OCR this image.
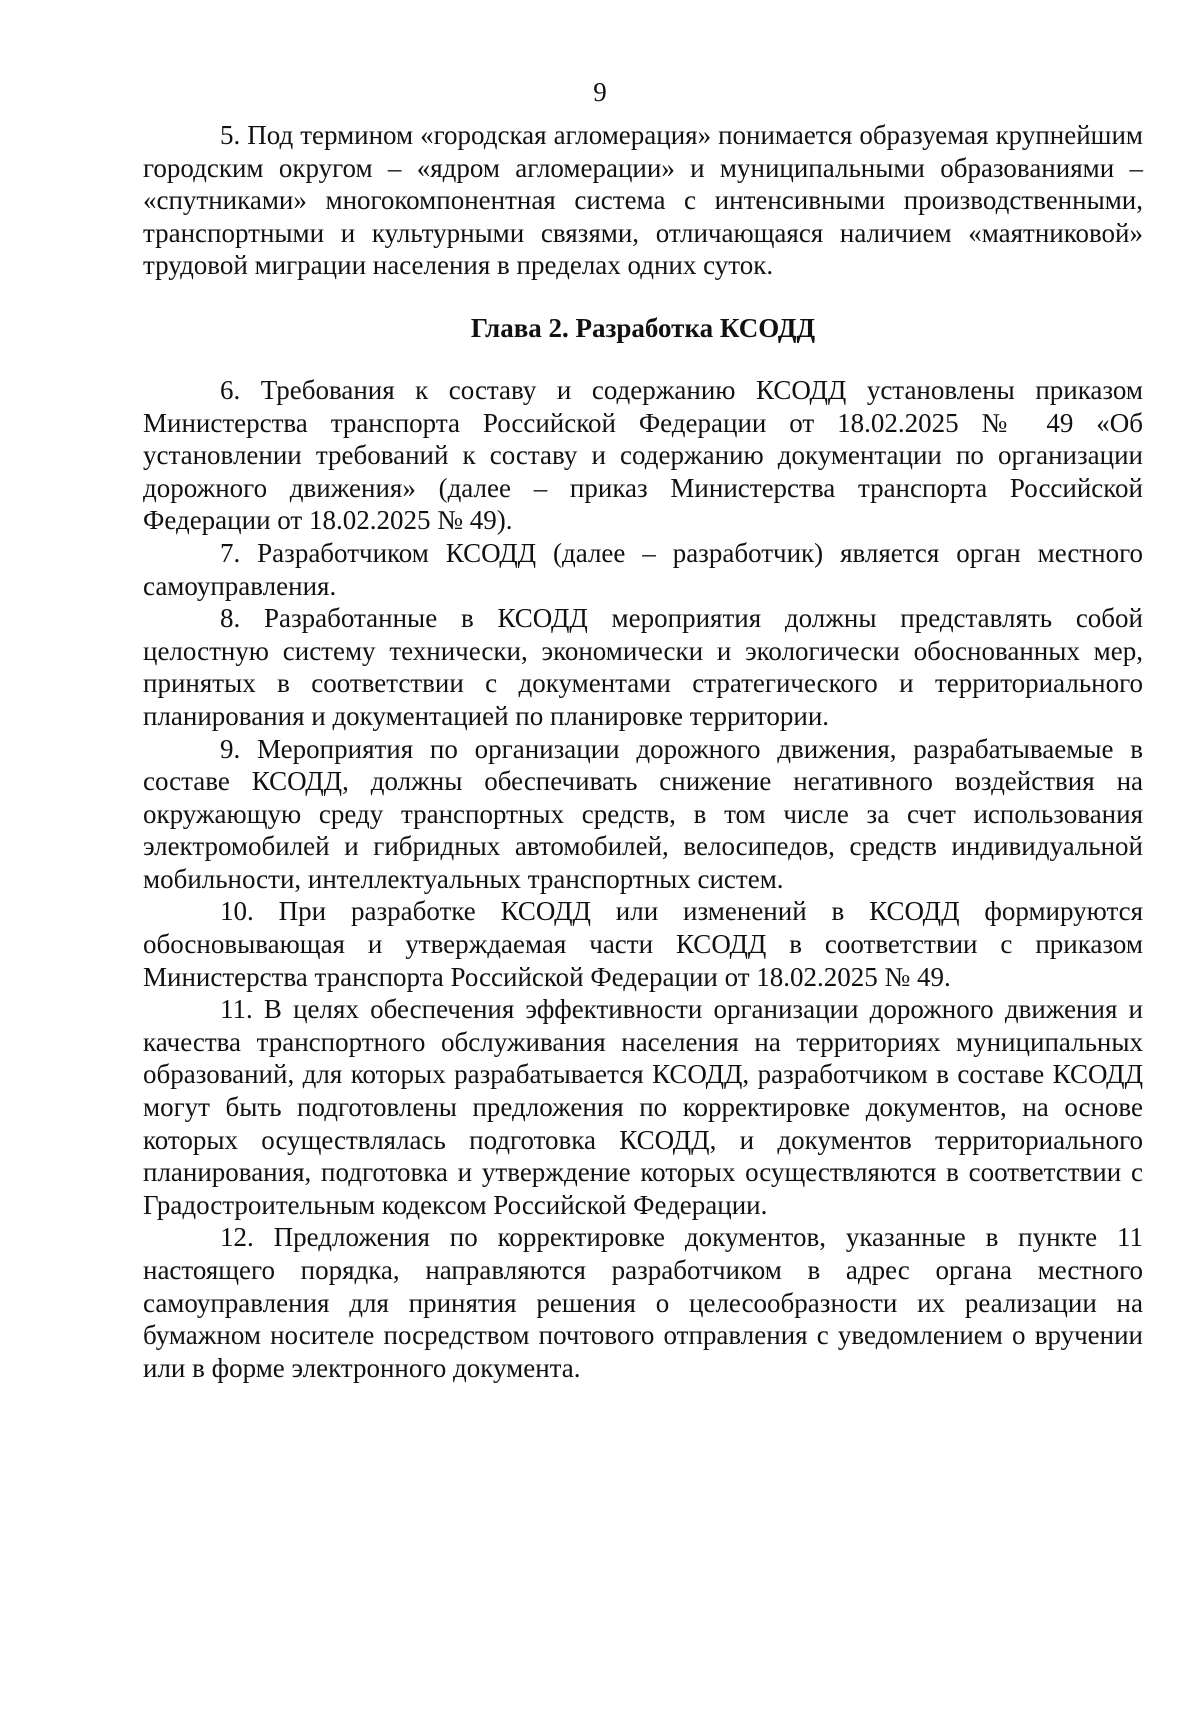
9

5. Под термином «городская агломерация» понимается образуемая крупнейшим городским округом – «ядром агломерации» и муниципальными образованиями – «спутниками» многокомпонентная система с интенсивными производственными, транспортными и культурными связями, отличающаяся наличием «маятниковой» трудовой миграции населения в пределах одних суток.

Глава 2. Разработка КСОДД

6. Требования к составу и содержанию КСОДД установлены приказом Министерства транспорта Российской Федерации от 18.02.2025 № 49 «Об установлении требований к составу и содержанию документации по организации дорожного движения» (далее – приказ Министерства транспорта Российской Федерации от 18.02.2025 № 49).

7. Разработчиком КСОДД (далее – разработчик) является орган местного самоуправления.

8. Разработанные в КСОДД мероприятия должны представлять собой целостную систему технически, экономически и экологически обоснованных мер, принятых в соответствии с документами стратегического и территориального планирования и документацией по планировке территории.

9. Мероприятия по организации дорожного движения, разрабатываемые в составе КСОДД, должны обеспечивать снижение негативного воздействия на окружающую среду транспортных средств, в том числе за счет использования электромобилей и гибридных автомобилей, велосипедов, средств индивидуальной мобильности, интеллектуальных транспортных систем.

10. При разработке КСОДД или изменений в КСОДД формируются обосновывающая и утверждаемая части КСОДД в соответствии с приказом Министерства транспорта Российской Федерации от 18.02.2025 № 49.

11. В целях обеспечения эффективности организации дорожного движения и качества транспортного обслуживания населения на территориях муниципальных образований, для которых разрабатывается КСОДД, разработчиком в составе КСОДД могут быть подготовлены предложения по корректировке документов, на основе которых осуществлялась подготовка КСОДД, и документов территориального планирования, подготовка и утверждение которых осуществляются в соответствии с Градостроительным кодексом Российской Федерации.

12. Предложения по корректировке документов, указанные в пункте 11 настоящего порядка, направляются разработчиком в адрес органа местного самоуправления для принятия решения о целесообразности их реализации на бумажном носителе посредством почтового отправления с уведомлением о вручении или в форме электронного документа.
